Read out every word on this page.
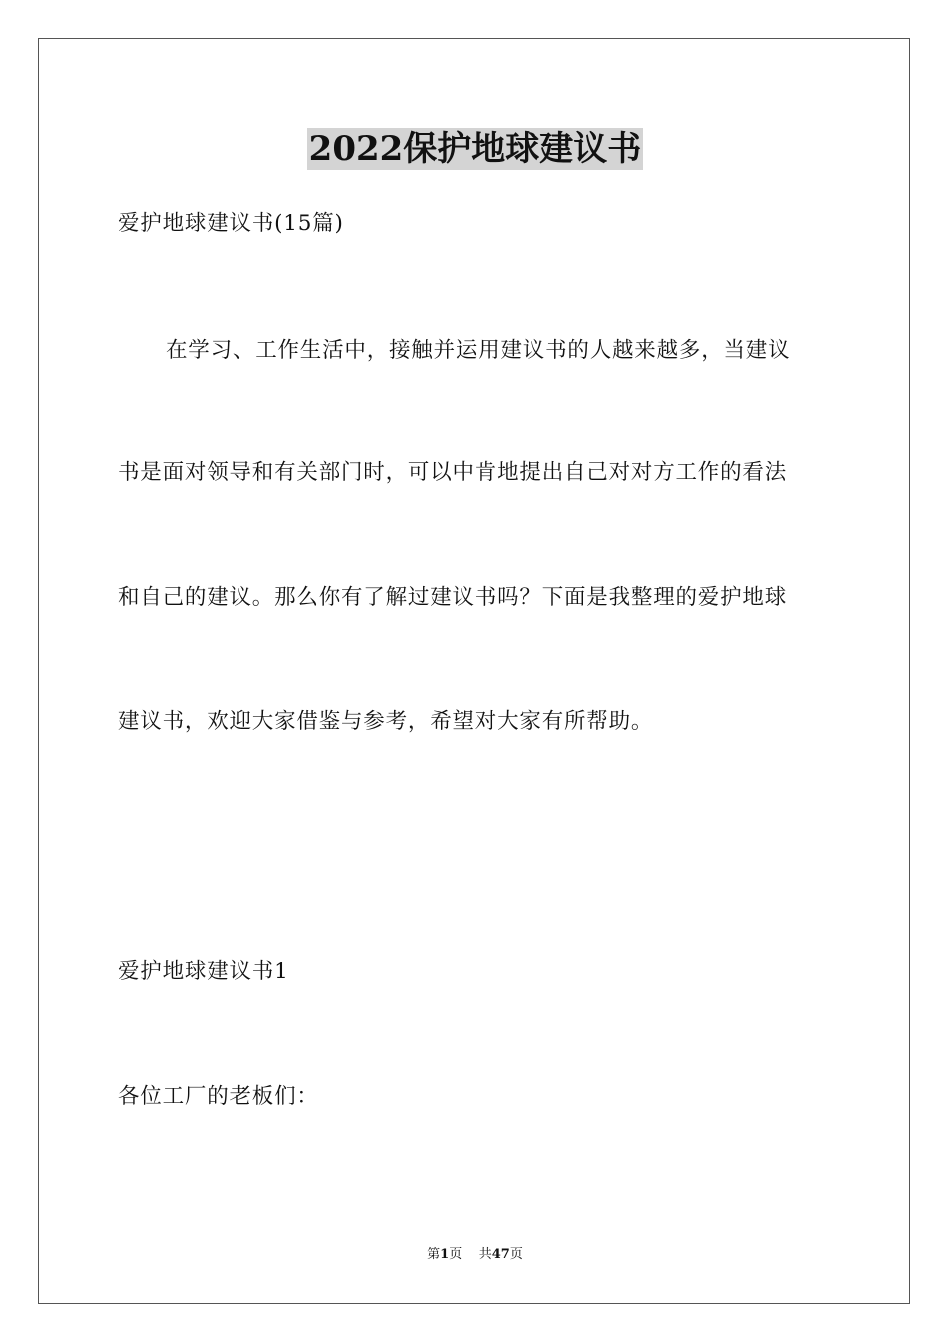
2022保护地球建议书
爱护地球建议书(15篇)
在学习、工作生活中，接触并运用建议书的人越来越多，当建议
书是面对领导和有关部门时，可以中肯地提出自己对对方工作的看法
和自己的建议。那么你有了解过建议书吗？下面是我整理的爱护地球
建议书，欢迎大家借鉴与参考，希望对大家有所帮助。
爱护地球建议书1
各位工厂的老板们：
第1页 共47页
